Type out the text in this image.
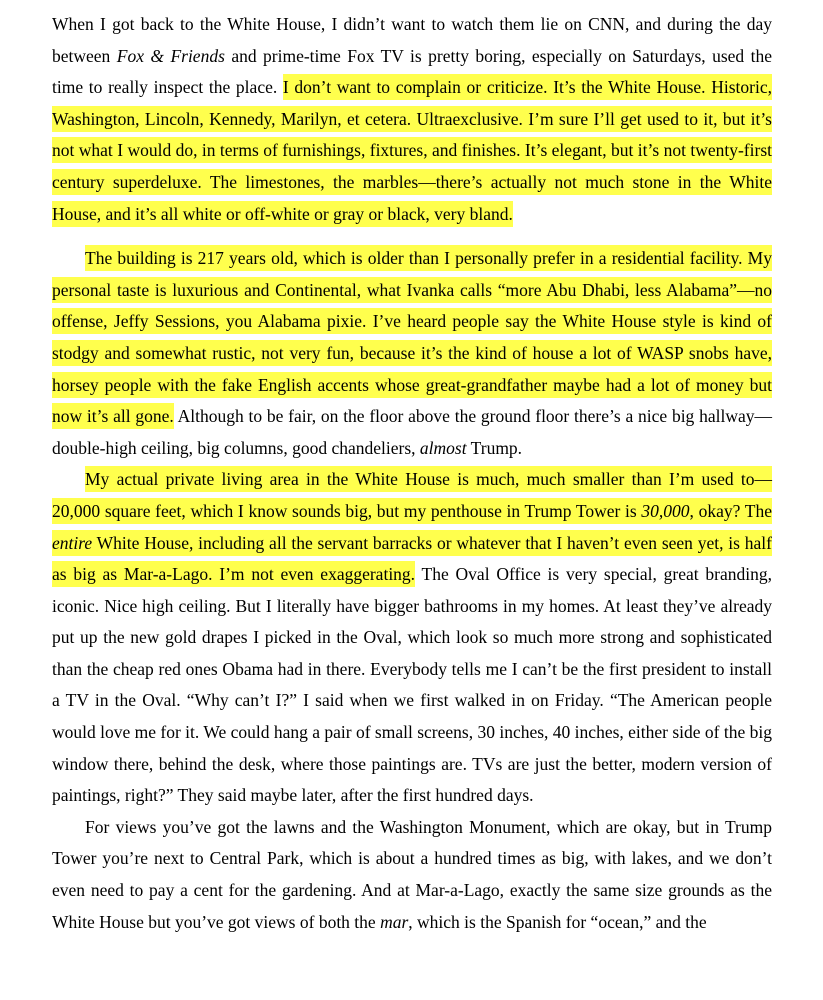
When I got back to the White House, I didn’t want to watch them lie on CNN, and during the day between Fox & Friends and prime-time Fox TV is pretty boring, especially on Saturdays, used the time to really inspect the place. I don’t want to complain or criticize. It’s the White House. Historic, Washington, Lincoln, Kennedy, Marilyn, et cetera. Ultraexclusive. I’m sure I’ll get used to it, but it’s not what I would do, in terms of furnishings, fixtures, and finishes. It’s elegant, but it’s not twenty-first century superdeluxe. The limestones, the marbles—there’s actually not much stone in the White House, and it’s all white or off-white or gray or black, very bland.

The building is 217 years old, which is older than I personally prefer in a residential facility. My personal taste is luxurious and Continental, what Ivanka calls “more Abu Dhabi, less Alabama”—no offense, Jeffy Sessions, you Alabama pixie. I’ve heard people say the White House style is kind of stodgy and somewhat rustic, not very fun, because it’s the kind of house a lot of WASP snobs have, horsey people with the fake English accents whose great-grandfather maybe had a lot of money but now it’s all gone. Although to be fair, on the floor above the ground floor there’s a nice big hallway—double-high ceiling, big columns, good chandeliers, almost Trump.

My actual private living area in the White House is much, much smaller than I’m used to—20,000 square feet, which I know sounds big, but my penthouse in Trump Tower is 30,000, okay? The entire White House, including all the servant barracks or whatever that I haven’t even seen yet, is half as big as Mar-a-Lago. I’m not even exaggerating. The Oval Office is very special, great branding, iconic. Nice high ceiling. But I literally have bigger bathrooms in my homes. At least they’ve already put up the new gold drapes I picked in the Oval, which look so much more strong and sophisticated than the cheap red ones Obama had in there. Everybody tells me I can’t be the first president to install a TV in the Oval. “Why can’t I?” I said when we first walked in on Friday. “The American people would love me for it. We could hang a pair of small screens, 30 inches, 40 inches, either side of the big window there, behind the desk, where those paintings are. TVs are just the better, modern version of paintings, right?” They said maybe later, after the first hundred days.

For views you’ve got the lawns and the Washington Monument, which are okay, but in Trump Tower you’re next to Central Park, which is about a hundred times as big, with lakes, and we don’t even need to pay a cent for the gardening. And at Mar-a-Lago, exactly the same size grounds as the White House but you’ve got views of both the mar, which is the Spanish for “ocean,” and the
